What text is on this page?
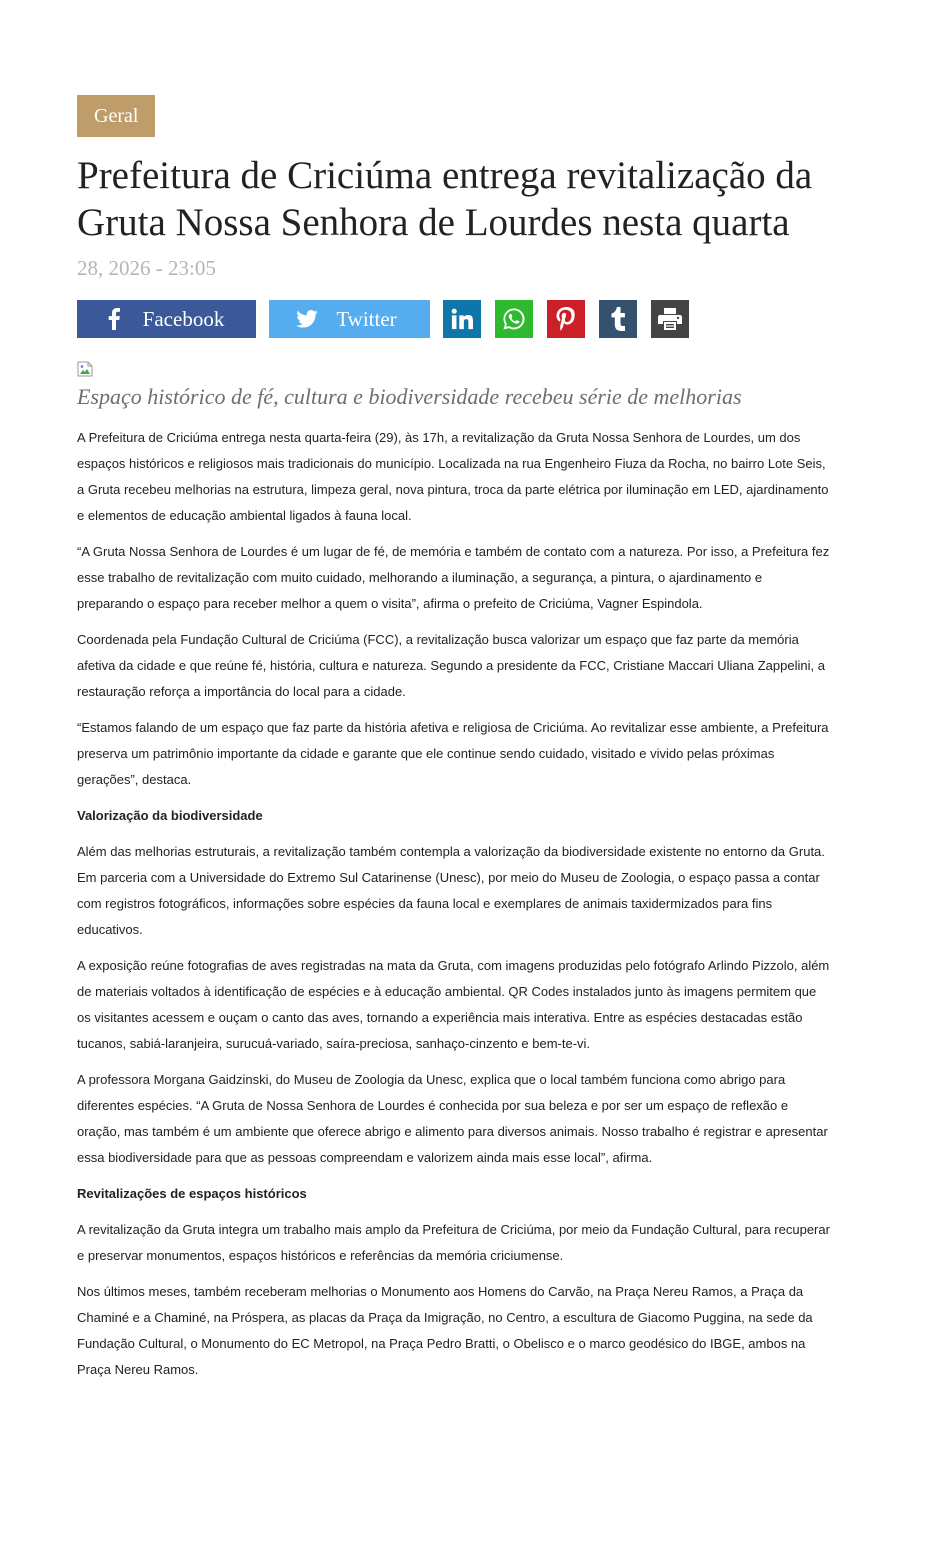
Geral
Prefeitura de Criciúma entrega revitalização da Gruta Nossa Senhora de Lourdes nesta quarta
28, 2026 - 23:05
Facebook	Twitter
Espaço histórico de fé, cultura e biodiversidade recebeu série de melhorias

A Prefeitura de Criciúma entrega nesta quarta-feira (29), às 17h, a revitalização da Gruta Nossa Senhora de Lourdes, um dos espaços históricos e religiosos mais tradicionais do município. Localizada na rua Engenheiro Fiuza da Rocha, no bairro Lote Seis, a Gruta recebeu melhorias na estrutura, limpeza geral, nova pintura, troca da parte elétrica por iluminação em LED, ajardinamento e elementos de educação ambiental ligados à fauna local.

“A Gruta Nossa Senhora de Lourdes é um lugar de fé, de memória e também de contato com a natureza. Por isso, a Prefeitura fez esse trabalho de revitalização com muito cuidado, melhorando a iluminação, a segurança, a pintura, o ajardinamento e preparando o espaço para receber melhor a quem o visita”, afirma o prefeito de Criciúma, Vagner Espindola.

Coordenada pela Fundação Cultural de Criciúma (FCC), a revitalização busca valorizar um espaço que faz parte da memória afetiva da cidade e que reúne fé, história, cultura e natureza. Segundo a presidente da FCC, Cristiane Maccari Uliana Zappelini, a restauração reforça a importância do local para a cidade.

“Estamos falando de um espaço que faz parte da história afetiva e religiosa de Criciúma. Ao revitalizar esse ambiente, a Prefeitura preserva um patrimônio importante da cidade e garante que ele continue sendo cuidado, visitado e vivido pelas próximas gerações”, destaca.

Valorização da biodiversidade

Além das melhorias estruturais, a revitalização também contempla a valorização da biodiversidade existente no entorno da Gruta. Em parceria com a Universidade do Extremo Sul Catarinense (Unesc), por meio do Museu de Zoologia, o espaço passa a contar com registros fotográficos, informações sobre espécies da fauna local e exemplares de animais taxidermizados para fins educativos.

A exposição reúne fotografias de aves registradas na mata da Gruta, com imagens produzidas pelo fotógrafo Arlindo Pizzolo, além de materiais voltados à identificação de espécies e à educação ambiental. QR Codes instalados junto às imagens permitem que os visitantes acessem e ouçam o canto das aves, tornando a experiência mais interativa. Entre as espécies destacadas estão tucanos, sabiá-laranjeira, surucuá-variado, saíra-preciosa, sanhaço-cinzento e bem-te-vi.

A professora Morgana Gaidzinski, do Museu de Zoologia da Unesc, explica que o local também funciona como abrigo para diferentes espécies. “A Gruta de Nossa Senhora de Lourdes é conhecida por sua beleza e por ser um espaço de reflexão e oração, mas também é um ambiente que oferece abrigo e alimento para diversos animais. Nosso trabalho é registrar e apresentar essa biodiversidade para que as pessoas compreendam e valorizem ainda mais esse local”, afirma.

Revitalizações de espaços históricos

A revitalização da Gruta integra um trabalho mais amplo da Prefeitura de Criciúma, por meio da Fundação Cultural, para recuperar e preservar monumentos, espaços históricos e referências da memória criciumense.

Nos últimos meses, também receberam melhorias o Monumento aos Homens do Carvão, na Praça Nereu Ramos, a Praça da Chaminé e a Chaminé, na Próspera, as placas da Praça da Imigração, no Centro, a escultura de Giacomo Puggina, na sede da Fundação Cultural, o Monumento do EC Metropol, na Praça Pedro Bratti, o Obelisco e o marco geodésico do IBGE, ambos na Praça Nereu Ramos.
